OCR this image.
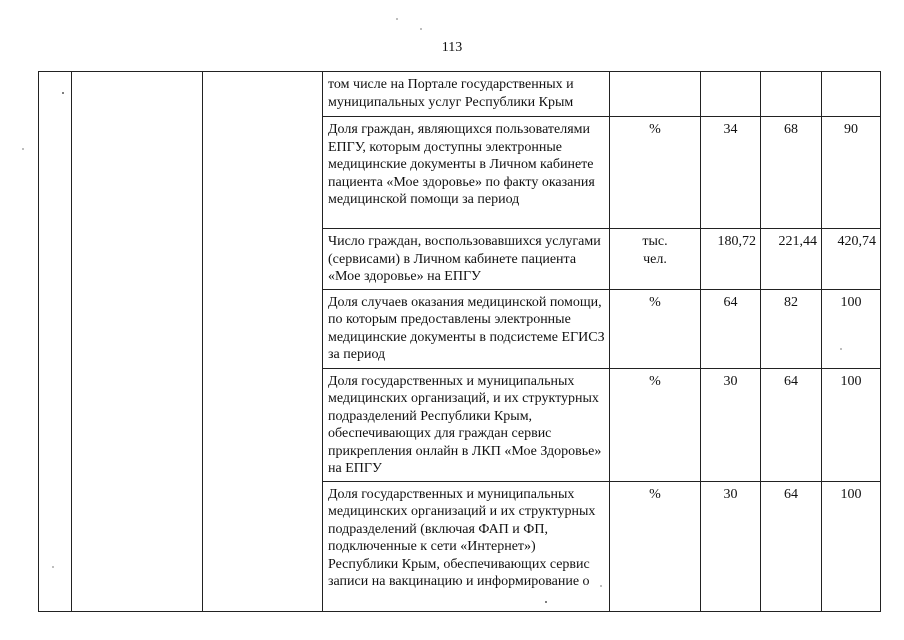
113
			том числе на Портале государственных и муниципальных услуг Республики Крым				
			Доля граждан, являющихся пользователями ЕПГУ, которым доступны электронные медицинские документы в Личном кабинете пациента «Мое здоровье» по факту оказания медицинской помощи за период	%	34	68	90
			Число граждан, воспользовавшихся услугами (сервисами) в Личном кабинете пациента «Мое здоровье» на ЕПГУ	тыс. чел.	180,72	221,44	420,74
			Доля случаев оказания медицинской помощи, по которым предоставлены электронные медицинские документы в подсистеме ЕГИСЗ за период	%	64	82	100
			Доля государственных и муниципальных медицинских организаций, и их структурных подразделений Республики Крым, обеспечивающих для граждан сервис прикрепления онлайн в ЛКП «Мое Здоровье» на ЕПГУ	%	30	64	100
			Доля государственных и муниципальных медицинских организаций и их структурных подразделений (включая ФАП и ФП, подключенные к сети «Интернет») Республики Крым, обеспечивающих сервис записи на вакцинацию и информирование о	%	30	64	100
